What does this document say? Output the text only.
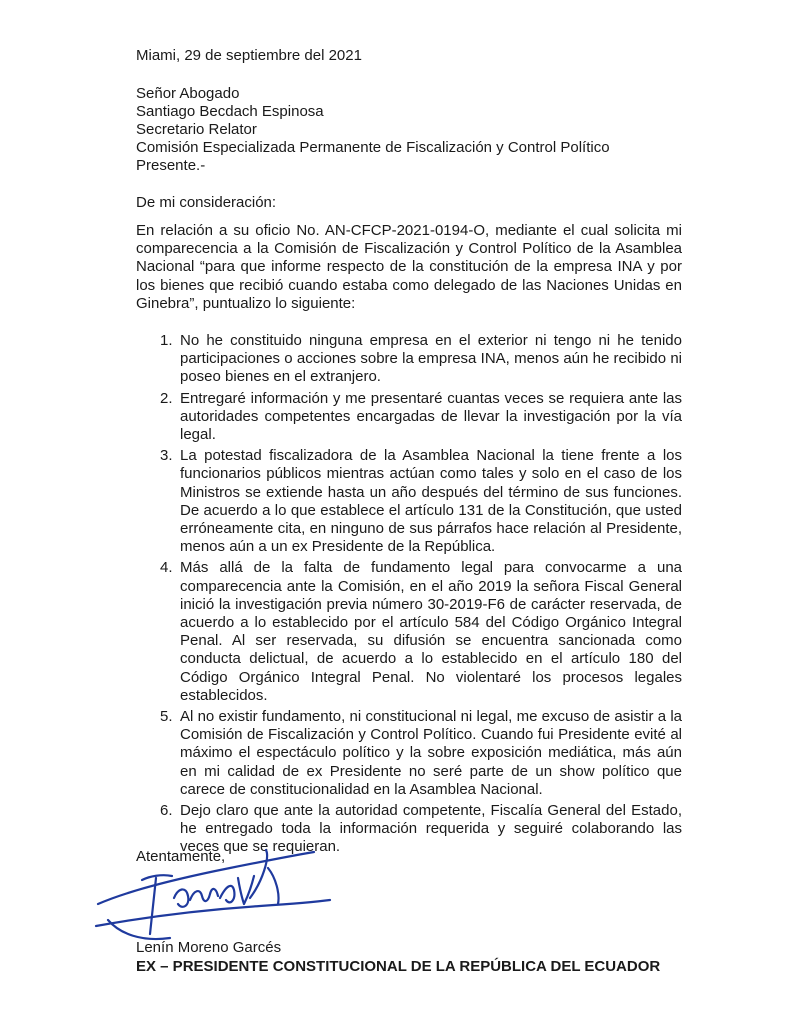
Miami, 29 de septiembre del 2021
Señor Abogado
Santiago Becdach Espinosa
Secretario Relator
Comisión Especializada Permanente de Fiscalización y Control Político
Presente.-
De mi consideración:
En relación a su oficio No. AN-CFCP-2021-0194-O, mediante el cual solicita mi comparecencia a la Comisión de Fiscalización y Control Político de la Asamblea Nacional “para que informe respecto de la constitución de la empresa INA y por los bienes que recibió cuando estaba como delegado de las Naciones Unidas en Ginebra”, puntualizo lo siguiente:
1. No he constituido ninguna empresa en el exterior ni tengo ni he tenido participaciones o acciones sobre la empresa INA, menos aún he recibido ni poseo bienes en el extranjero.
2. Entregaré información y me presentaré cuantas veces se requiera ante las autoridades competentes encargadas de llevar la investigación por la vía legal.
3. La potestad fiscalizadora de la Asamblea Nacional la tiene frente a los funcionarios públicos mientras actúan como tales y solo en el caso de los Ministros se extiende hasta un año después del término de sus funciones. De acuerdo a lo que establece el artículo 131 de la Constitución, que usted erróneamente cita, en ninguno de sus párrafos hace relación al Presidente, menos aún a un ex Presidente de la República.
4. Más allá de la falta de fundamento legal para convocarme a una comparecencia ante la Comisión, en el año 2019 la señora Fiscal General inició la investigación previa número 30-2019-F6 de carácter reservada, de acuerdo a lo establecido por el artículo 584 del Código Orgánico Integral Penal. Al ser reservada, su difusión se encuentra sancionada como conducta delictual, de acuerdo a lo establecido en el artículo 180 del Código Orgánico Integral Penal. No violentaré los procesos legales establecidos.
5. Al no existir fundamento, ni constitucional ni legal, me excuso de asistir a la Comisión de Fiscalización y Control Político. Cuando fui Presidente evité al máximo el espectáculo político y la sobre exposición mediática, más aún en mi calidad de ex Presidente no seré parte de un show político que carece de constitucionalidad en la Asamblea Nacional.
6. Dejo claro que ante la autoridad competente, Fiscalía General del Estado, he entregado toda la información requerida y seguiré colaborando las veces que se requieran.
Atentamente,
Lenín Moreno Garcés
EX – PRESIDENTE CONSTITUCIONAL DE LA REPÚBLICA DEL ECUADOR
